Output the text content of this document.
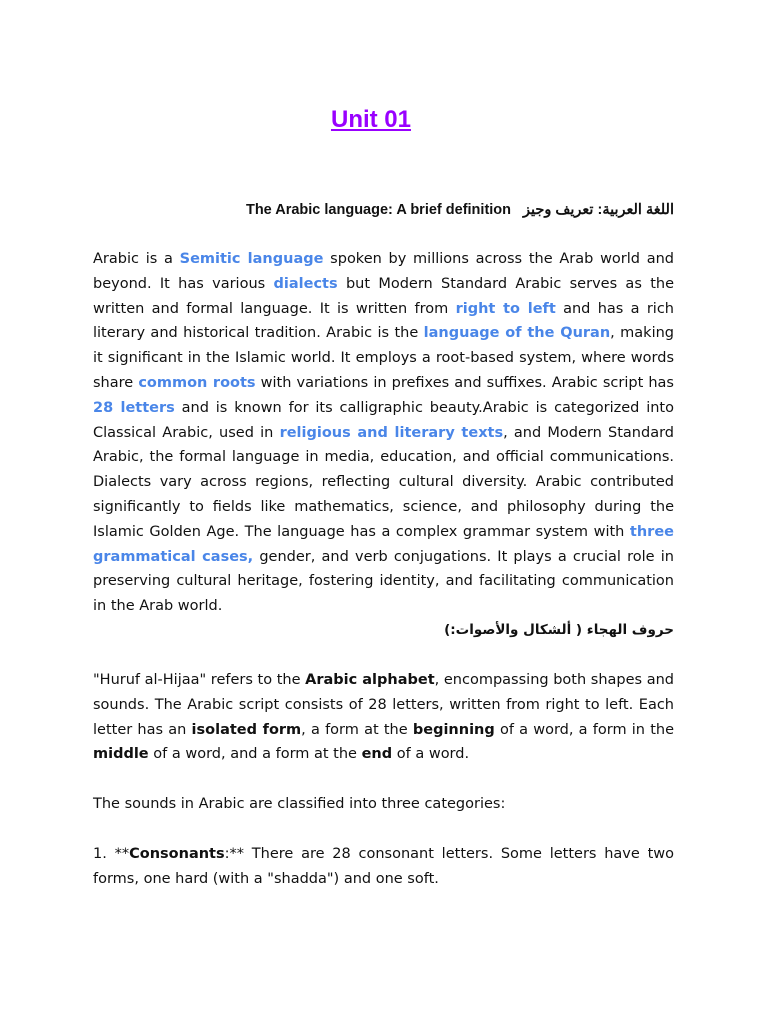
Unit 01

The Arabic language: A brief definition اللغة العربية: تعريف وجيز

Arabic is a Semitic language spoken by millions across the Arab world and beyond. It has various dialects but Modern Standard Arabic serves as the written and formal language. It is written from right to left and has a rich literary and historical tradition. Arabic is the language of the Quran, making it significant in the Islamic world. It employs a root-based system, where words share common roots with variations in prefixes and suffixes. Arabic script has 28 letters and is known for its calligraphic beauty.Arabic is categorized into Classical Arabic, used in religious and literary texts, and Modern Standard Arabic, the formal language in media, education, and official communications. Dialects vary across regions, reflecting cultural diversity. Arabic contributed significantly to fields like mathematics, science, and philosophy during the Islamic Golden Age. The language has a complex grammar system with three grammatical cases, gender, and verb conjugations. It plays a crucial role in preserving cultural heritage, fostering identity, and facilitating communication in the Arab world.

حروف الهجاء ( ألشكال والأصوات:)

"Huruf al-Hijaa" refers to the Arabic alphabet, encompassing both shapes and sounds. The Arabic script consists of 28 letters, written from right to left. Each letter has an isolated form, a form at the beginning of a word, a form in the middle of a word, and a form at the end of a word.

The sounds in Arabic are classified into three categories:

1. **Consonants:** There are 28 consonant letters. Some letters have two forms, one hard (with a "shadda") and one soft.
